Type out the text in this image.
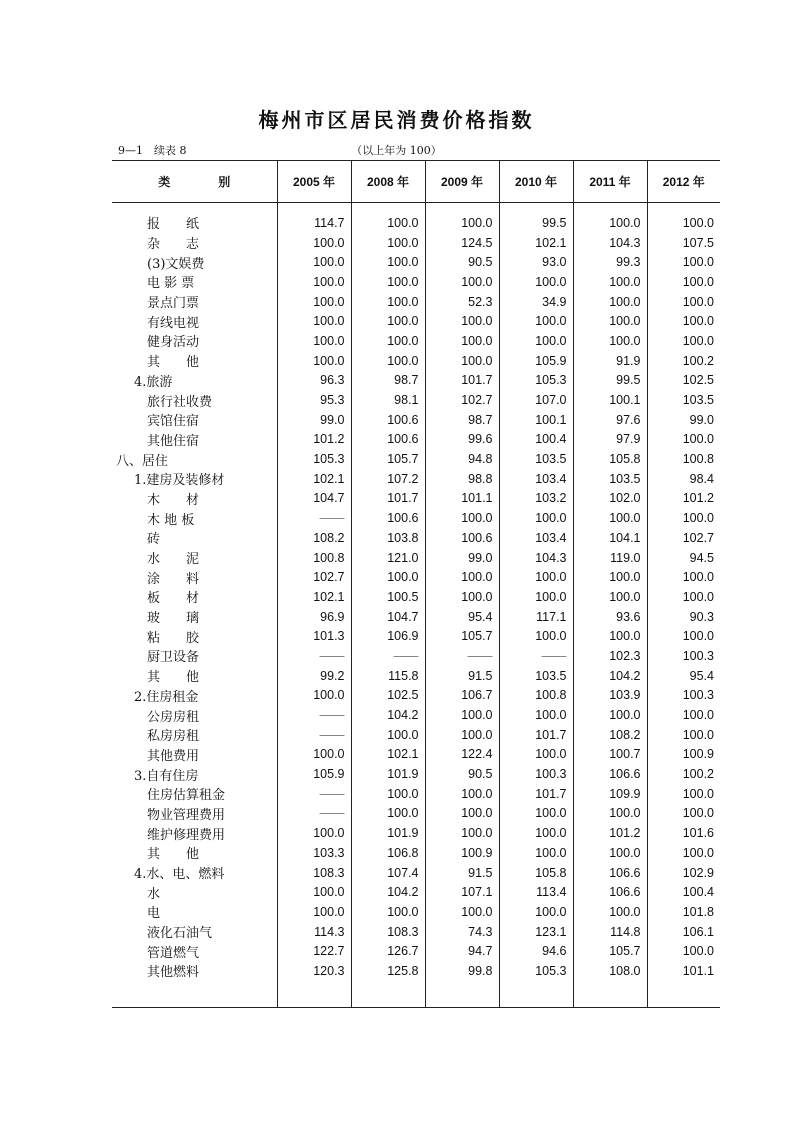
梅州市区居民消费价格指数
9—1　续表 8	（以上年为 100）
类　　　　别	2005 年	2008 年	2009 年	2010 年	2011 年	2012 年

报　　纸	114.7	100.0	100.0	99.5	100.0	100.0
杂　　志	100.0	100.0	124.5	102.1	104.3	107.5
(3)文娱费	100.0	100.0	90.5	93.0	99.3	100.0
电 影 票	100.0	100.0	100.0	100.0	100.0	100.0
景点门票	100.0	100.0	52.3	34.9	100.0	100.0
有线电视	100.0	100.0	100.0	100.0	100.0	100.0
健身活动	100.0	100.0	100.0	100.0	100.0	100.0
其　　他	100.0	100.0	100.0	105.9	91.9	100.2
4.旅游	96.3	98.7	101.7	105.3	99.5	102.5
旅行社收费	95.3	98.1	102.7	107.0	100.1	103.5
宾馆住宿	99.0	100.6	98.7	100.1	97.6	99.0
其他住宿	101.2	100.6	99.6	100.4	97.9	100.0
八、居住	105.3	105.7	94.8	103.5	105.8	100.8
1.建房及装修材	102.1	107.2	98.8	103.4	103.5	98.4
木　　材	104.7	101.7	101.1	103.2	102.0	101.2
木 地 板	——	100.6	100.0	100.0	100.0	100.0
砖	108.2	103.8	100.6	103.4	104.1	102.7
水　　泥	100.8	121.0	99.0	104.3	119.0	94.5
涂　　料	102.7	100.0	100.0	100.0	100.0	100.0
板　　材	102.1	100.5	100.0	100.0	100.0	100.0
玻　　璃	96.9	104.7	95.4	117.1	93.6	90.3
粘　　胶	101.3	106.9	105.7	100.0	100.0	100.0
厨卫设备	——	——	——	——	102.3	100.3
其　　他	99.2	115.8	91.5	103.5	104.2	95.4
2.住房租金	100.0	102.5	106.7	100.8	103.9	100.3
公房房租	——	104.2	100.0	100.0	100.0	100.0
私房房租	——	100.0	100.0	101.7	108.2	100.0
其他费用	100.0	102.1	122.4	100.0	100.7	100.9
3.自有住房	105.9	101.9	90.5	100.3	106.6	100.2
住房估算租金	——	100.0	100.0	101.7	109.9	100.0
物业管理费用	——	100.0	100.0	100.0	100.0	100.0
维护修理费用	100.0	101.9	100.0	100.0	101.2	101.6
其　　他	103.3	106.8	100.9	100.0	100.0	100.0
4.水、电、燃料	108.3	107.4	91.5	105.8	106.6	102.9
水	100.0	104.2	107.1	113.4	106.6	100.4
电	100.0	100.0	100.0	100.0	100.0	101.8
液化石油气	114.3	108.3	74.3	123.1	114.8	106.1
管道燃气	122.7	126.7	94.7	94.6	105.7	100.0
其他燃料	120.3	125.8	99.8	105.3	108.0	101.1
